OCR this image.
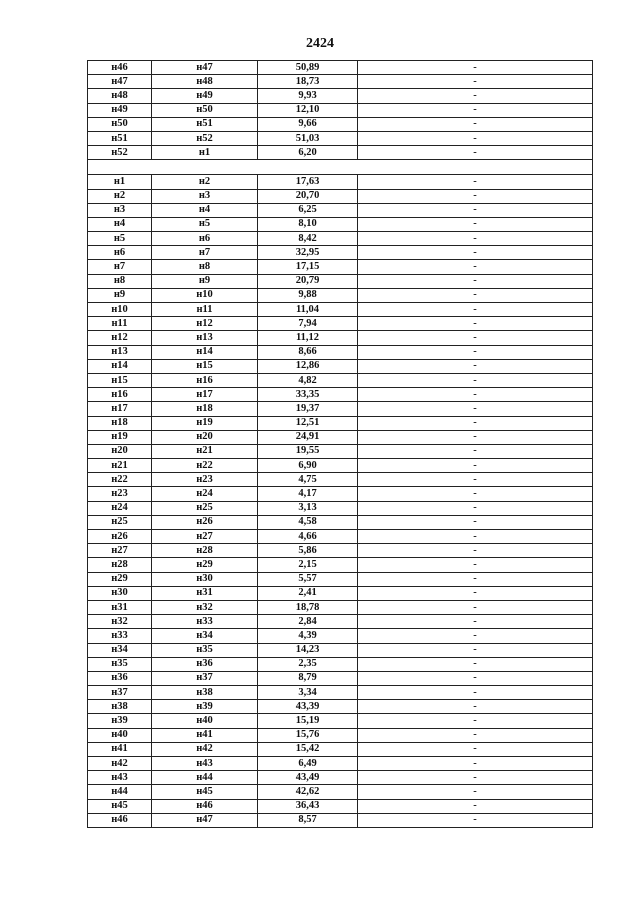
2424
н46	н47	50,89	-
н47	н48	18,73	-
н48	н49	9,93	-
н49	н50	12,10	-
н50	н51	9,66	-
н51	н52	51,03	-
н52	н1	6,20	-

н1	н2	17,63	-
н2	н3	20,70	-
н3	н4	6,25	-
н4	н5	8,10	-
н5	н6	8,42	-
н6	н7	32,95	-
н7	н8	17,15	-
н8	н9	20,79	-
н9	н10	9,88	-
н10	н11	11,04	-
н11	н12	7,94	-
н12	н13	11,12	-
н13	н14	8,66	-
н14	н15	12,86	-
н15	н16	4,82	-
н16	н17	33,35	-
н17	н18	19,37	-
н18	н19	12,51	-
н19	н20	24,91	-
н20	н21	19,55	-
н21	н22	6,90	-
н22	н23	4,75	-
н23	н24	4,17	-
н24	н25	3,13	-
н25	н26	4,58	-
н26	н27	4,66	-
н27	н28	5,86	-
н28	н29	2,15	-
н29	н30	5,57	-
н30	н31	2,41	-
н31	н32	18,78	-
н32	н33	2,84	-
н33	н34	4,39	-
н34	н35	14,23	-
н35	н36	2,35	-
н36	н37	8,79	-
н37	н38	3,34	-
н38	н39	43,39	-
н39	н40	15,19	-
н40	н41	15,76	-
н41	н42	15,42	-
н42	н43	6,49	-
н43	н44	43,49	-
н44	н45	42,62	-
н45	н46	36,43	-
н46	н47	8,57	-
